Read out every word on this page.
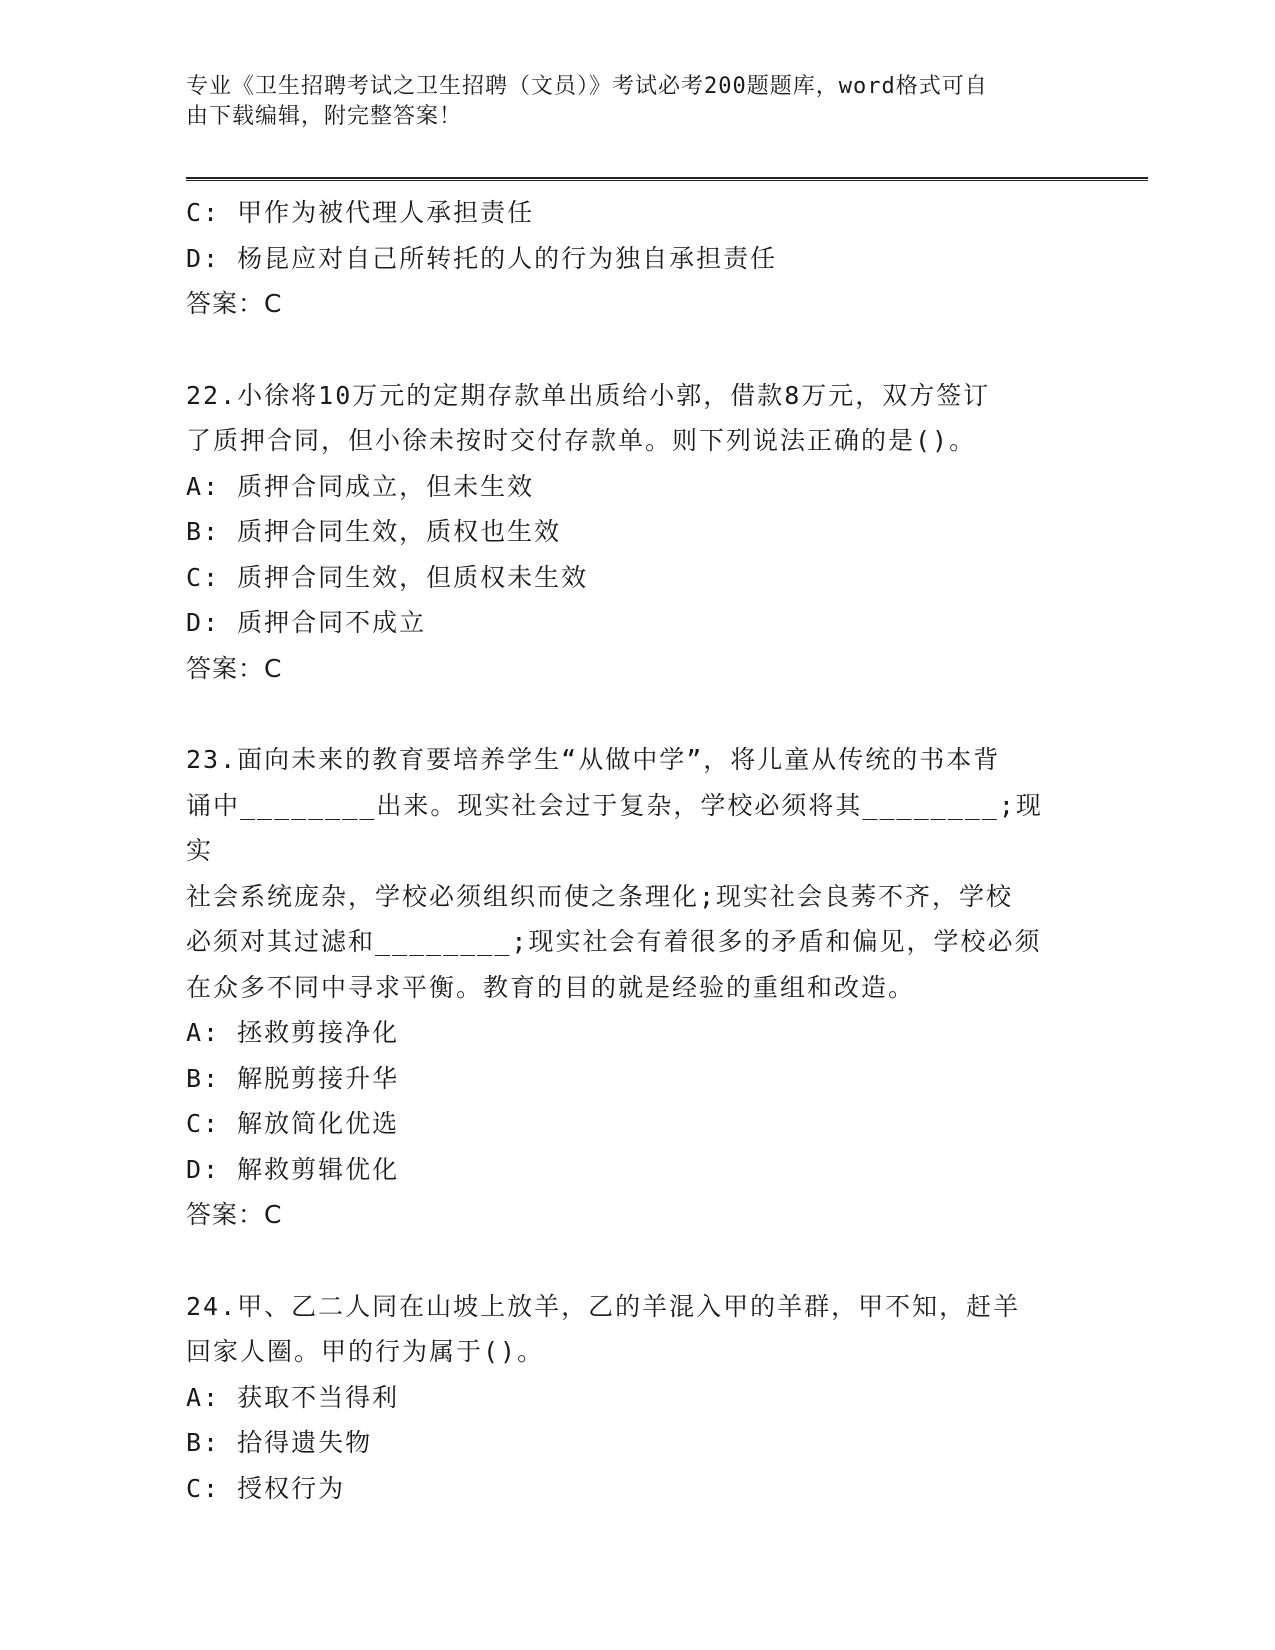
专业《卫生招聘考试之卫生招聘（文员）》考试必考200题题库，word格式可自
由下载编辑，附完整答案！
C: 甲作为被代理人承担责任
D: 杨昆应对自己所转托的人的行为独自承担责任
答案：C
22.小徐将10万元的定期存款单出质给小郭，借款8万元，双方签订
了质押合同，但小徐未按时交付存款单。则下列说法正确的是()。
A: 质押合同成立，但未生效
B: 质押合同生效，质权也生效
C: 质押合同生效，但质权未生效
D: 质押合同不成立
答案：C
23.面向未来的教育要培养学生“从做中学”，将儿童从传统的书本背
诵中________出来。现实社会过于复杂，学校必须将其________;现实
社会系统庞杂，学校必须组织而使之条理化;现实社会良莠不齐，学校
必须对其过滤和________;现实社会有着很多的矛盾和偏见，学校必须
在众多不同中寻求平衡。教育的目的就是经验的重组和改造。
A: 拯救剪接净化
B: 解脱剪接升华
C: 解放简化优选
D: 解救剪辑优化
答案：C
24.甲、乙二人同在山坡上放羊，乙的羊混入甲的羊群，甲不知，赶羊
回家人圈。甲的行为属于()。
A: 获取不当得利
B: 拾得遗失物
C: 授权行为
